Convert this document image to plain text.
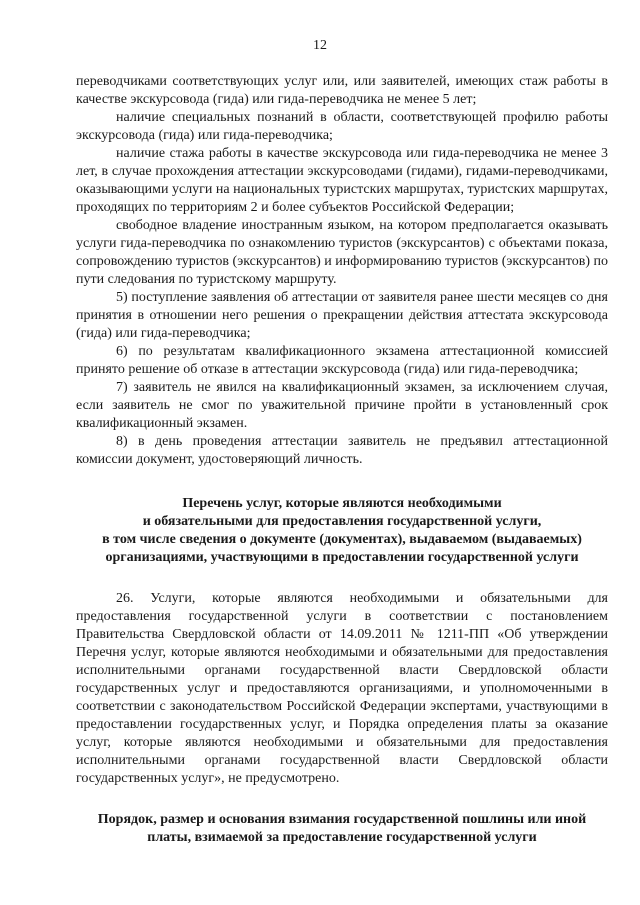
12

переводчиками соответствующих услуг или, или заявителей, имеющих стаж работы в качестве экскурсовода (гида) или гида-переводчика не менее 5 лет;

наличие специальных познаний в области, соответствующей профилю работы экскурсовода (гида) или гида-переводчика;

наличие стажа работы в качестве экскурсовода или гида-переводчика не менее 3 лет, в случае прохождения аттестации экскурсоводами (гидами), гидами-переводчиками, оказывающими услуги на национальных туристских маршрутах, туристских маршрутах, проходящих по территориям 2 и более субъектов Российской Федерации;

свободное владение иностранным языком, на котором предполагается оказывать услуги гида-переводчика по ознакомлению туристов (экскурсантов) с объектами показа, сопровождению туристов (экскурсантов) и информированию туристов (экскурсантов) по пути следования по туристскому маршруту.

5) поступление заявления об аттестации от заявителя ранее шести месяцев со дня принятия в отношении него решения о прекращении действия аттестата экскурсовода (гида) или гида-переводчика;

6) по результатам квалификационного экзамена аттестационной комиссией принято решение об отказе в аттестации экскурсовода (гида) или гида-переводчика;

7) заявитель не явился на квалификационный экзамен, за исключением случая, если заявитель не смог по уважительной причине пройти в установленный срок квалификационный экзамен.

8) в день проведения аттестации заявитель не предъявил аттестационной комиссии документ, удостоверяющий личность.

Перечень услуг, которые являются необходимыми
и обязательными для предоставления государственной услуги,
в том числе сведения о документе (документах), выдаваемом (выдаваемых)
организациями, участвующими в предоставлении государственной услуги

26. Услуги, которые являются необходимыми и обязательными для предоставления государственной услуги в соответствии с постановлением Правительства Свердловской области от 14.09.2011 № 1211-ПП «Об утверждении Перечня услуг, которые являются необходимыми и обязательными для предоставления исполнительными органами государственной власти Свердловской области государственных услуг и предоставляются организациями, и уполномоченными в соответствии с законодательством Российской Федерации экспертами, участвующими в предоставлении государственных услуг, и Порядка определения платы за оказание услуг, которые являются необходимыми и обязательными для предоставления исполнительными органами государственной власти Свердловской области государственных услуг», не предусмотрено.

Порядок, размер и основания взимания государственной пошлины или иной
платы, взимаемой за предоставление государственной услуги
